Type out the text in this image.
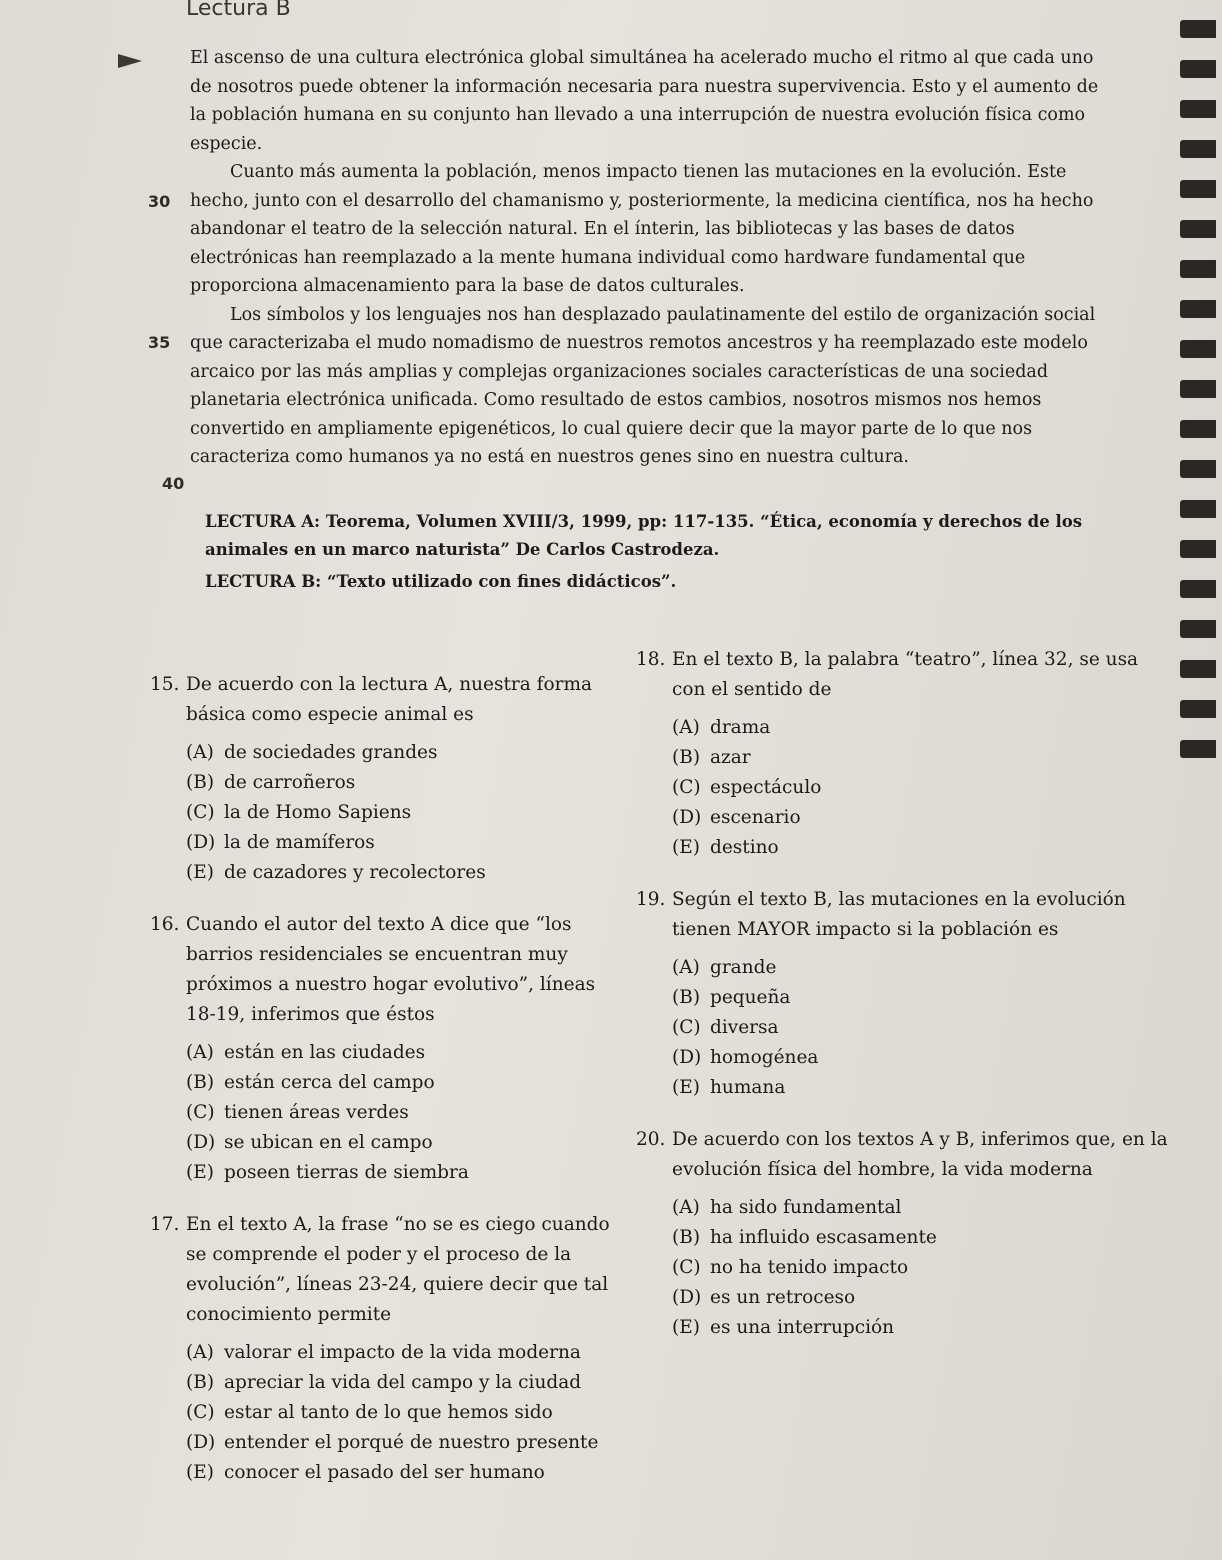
Lectura B

El ascenso de una cultura electrónica global simultánea ha acelerado mucho el ritmo al que cada uno de nosotros puede obtener la información necesaria para nuestra supervivencia. Esto y el aumento de la población humana en su conjunto han llevado a una interrupción de nuestra evolución física como especie.

Cuanto más aumenta la población, menos impacto tienen las mutaciones en la evolución. Este hecho, junto con el desarrollo del chamanismo y, posteriormente, la medicina científica, nos ha hecho abandonar el teatro de la selección natural. En el ínterin, las bibliotecas y las bases de datos electrónicas han reemplazado a la mente humana individual como hardware fundamental que proporciona almacenamiento para la base de datos culturales.

Los símbolos y los lenguajes nos han desplazado paulatinamente del estilo de organización social que caracterizaba el mudo nomadismo de nuestros remotos ancestros y ha reemplazado este modelo arcaico por las más amplias y complejas organizaciones sociales características de una sociedad planetaria electrónica unificada. Como resultado de estos cambios, nosotros mismos nos hemos convertido en ampliamente epigenéticos, lo cual quiere decir que la mayor parte de lo que nos caracteriza como humanos ya no está en nuestros genes sino en nuestra cultura.

30
35
40

LECTURA A: Teorema, Volumen XVIII/3, 1999, pp: 117-135. “Ética, economía y derechos de los animales en un marco naturista” De Carlos Castrodeza.

LECTURA B: “Texto utilizado con fines didácticos”.

15. De acuerdo con la lectura A, nuestra forma básica como especie animal es
(A) de sociedades grandes
(B) de carroñeros
(C) la de Homo Sapiens
(D) la de mamíferos
(E) de cazadores y recolectores
16. Cuando el autor del texto A dice que “los barrios residenciales se encuentran muy próximos a nuestro hogar evolutivo”, líneas 18-19, inferimos que éstos
(A) están en las ciudades
(B) están cerca del campo
(C) tienen áreas verdes
(D) se ubican en el campo
(E) poseen tierras de siembra
17. En el texto A, la frase “no se es ciego cuando se comprende el poder y el proceso de la evolución”, líneas 23-24, quiere decir que tal conocimiento permite
(A) valorar el impacto de la vida moderna
(B) apreciar la vida del campo y la ciudad
(C) estar al tanto de lo que hemos sido
(D) entender el porqué de nuestro presente
(E) conocer el pasado del ser humano
18. En el texto B, la palabra “teatro”, línea 32, se usa con el sentido de
(A) drama
(B) azar
(C) espectáculo
(D) escenario
(E) destino
19. Según el texto B, las mutaciones en la evolución tienen MAYOR impacto si la población es
(A) grande
(B) pequeña
(C) diversa
(D) homogénea
(E) humana
20. De acuerdo con los textos A y B, inferimos que, en la evolución física del hombre, la vida moderna
(A) ha sido fundamental
(B) ha influido escasamente
(C) no ha tenido impacto
(D) es un retroceso
(E) es una interrupción
